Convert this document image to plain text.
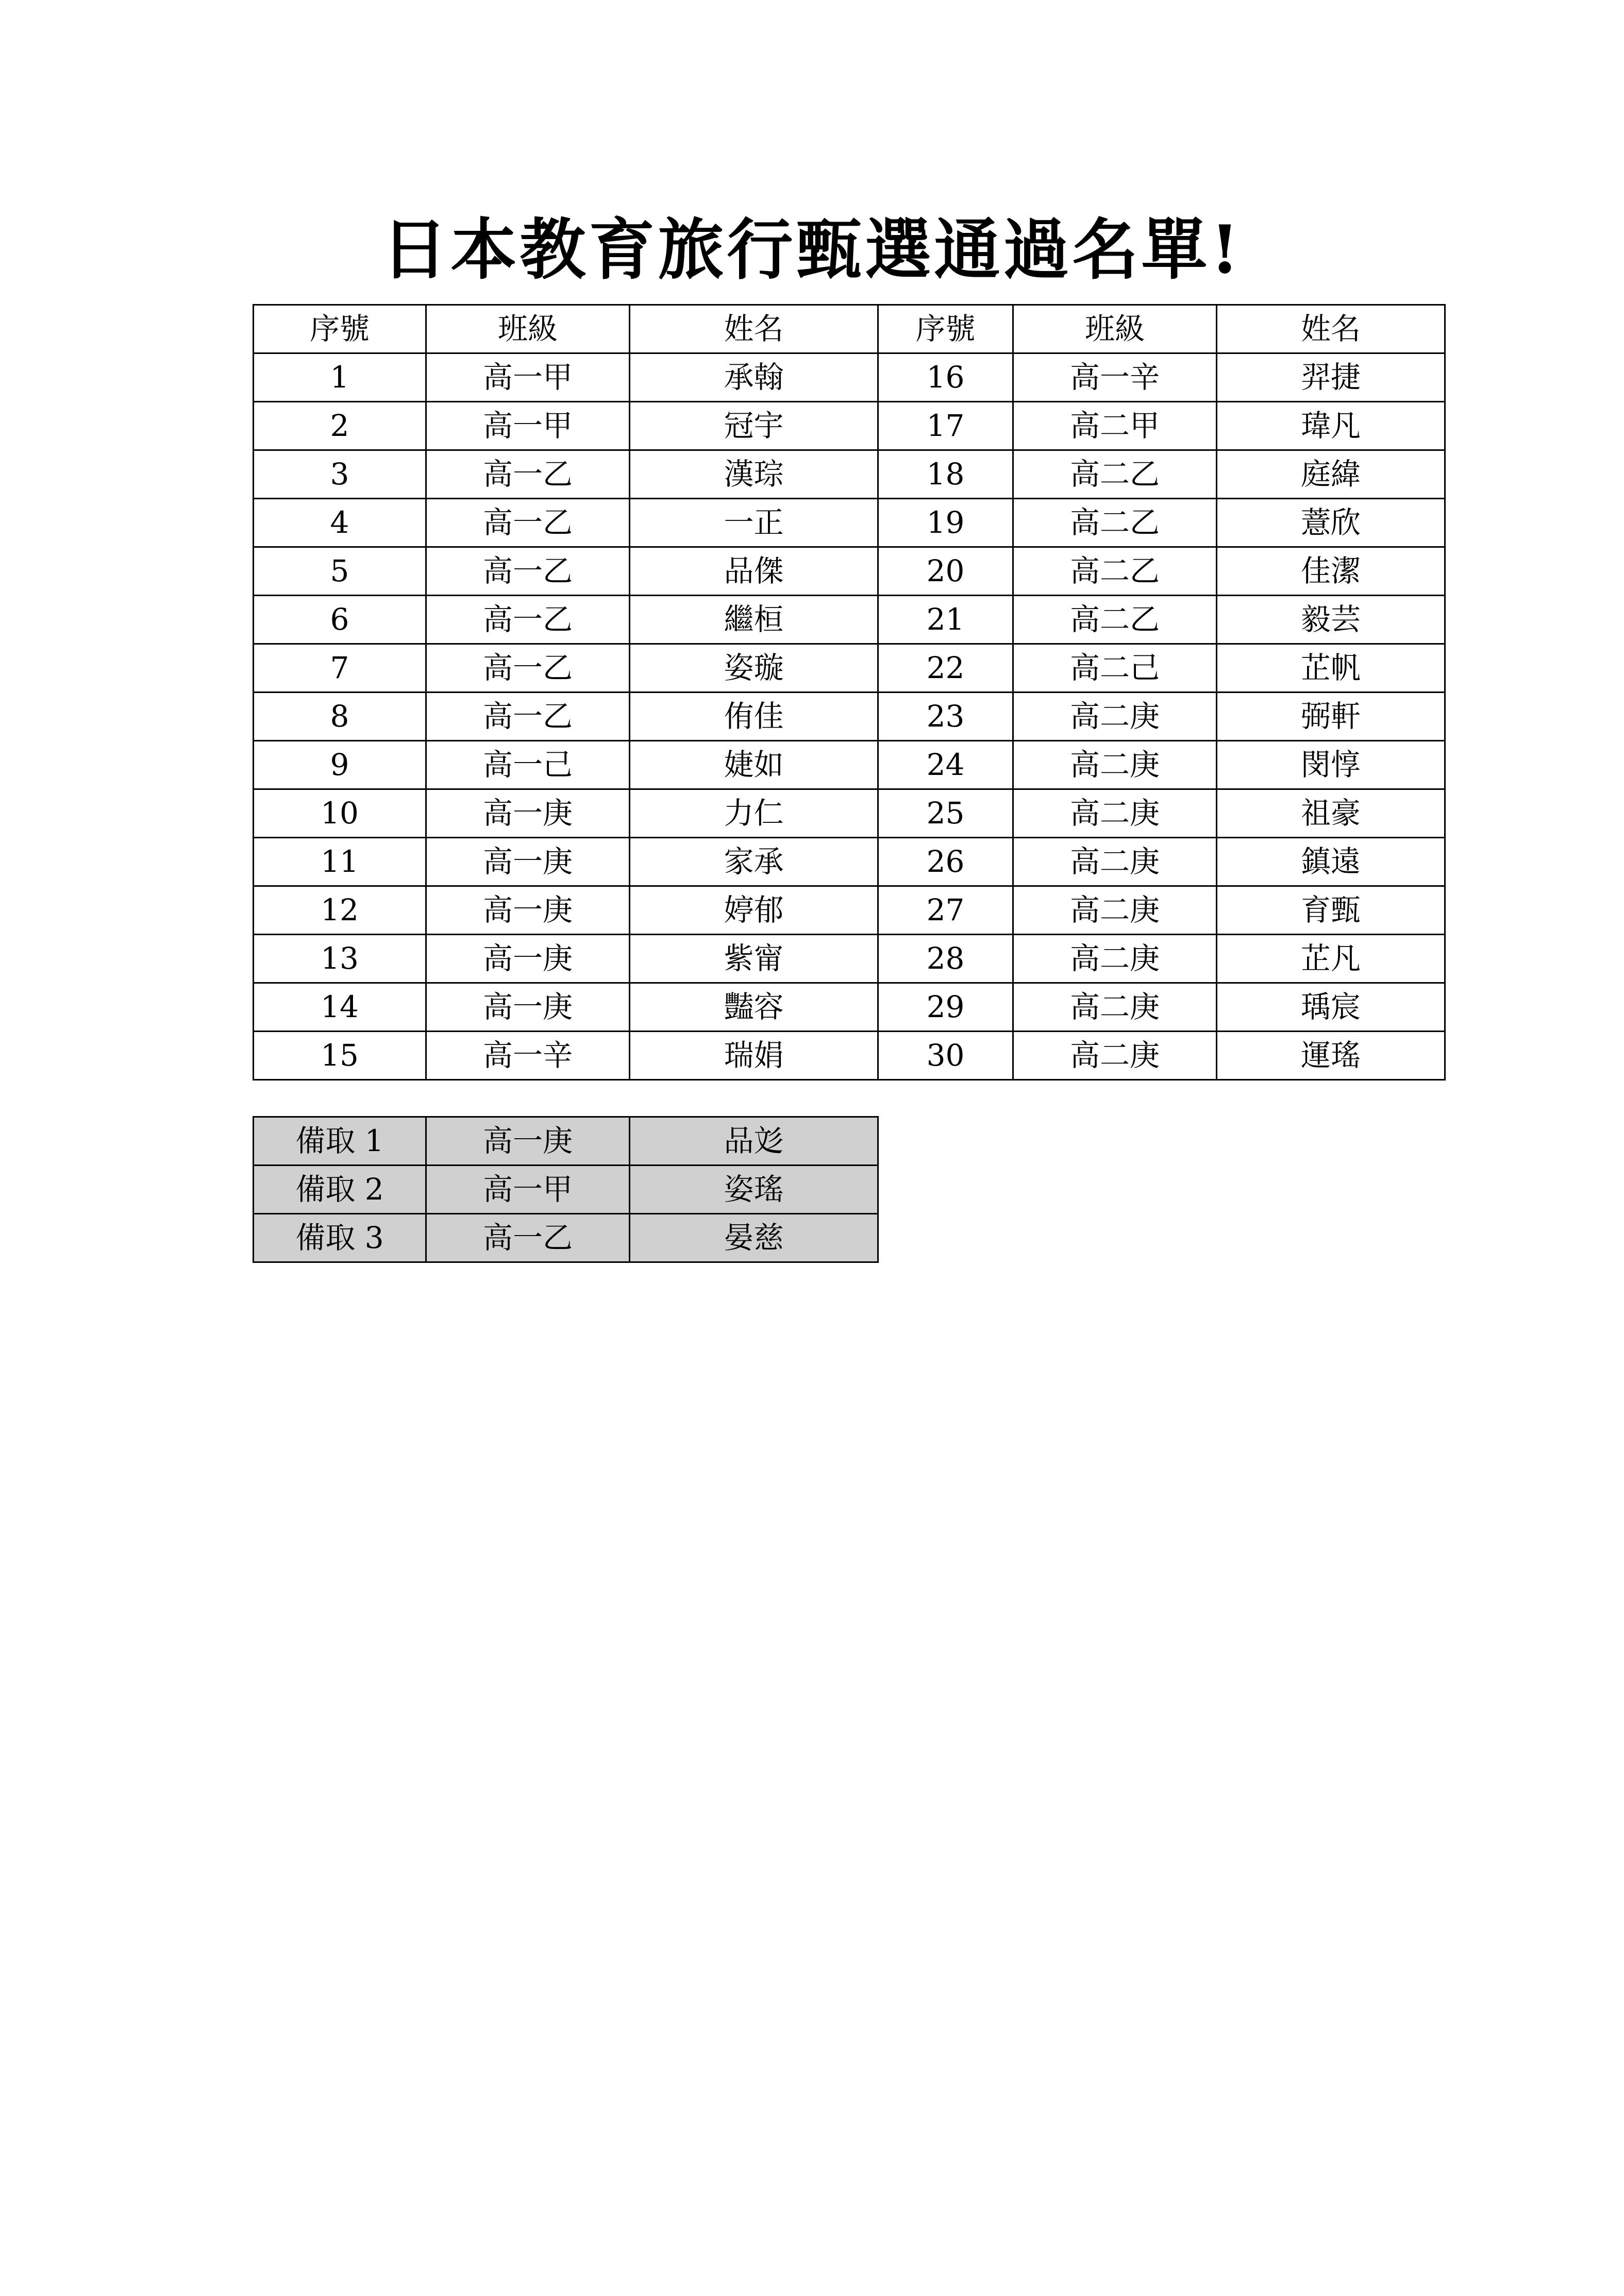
日本教育旅行甄選通過名單!
序號	班級	姓名	序號	班級	姓名
1	高一甲	承翰	16	高一辛	羿捷
2	高一甲	冠宇	17	高二甲	瑋凡
3	高一乙	漢琮	18	高二乙	庭緯
4	高一乙	一正	19	高二乙	薏欣
5	高一乙	品傑	20	高二乙	佳潔
6	高一乙	繼桓	21	高二乙	毅芸
7	高一乙	姿璇	22	高二己	芷帆
8	高一乙	侑佳	23	高二庚	弼軒
9	高一己	婕如	24	高二庚	閔惇
10	高一庚	力仁	25	高二庚	祖豪
11	高一庚	家承	26	高二庚	鎮遠
12	高一庚	婷郁	27	高二庚	育甄
13	高一庚	紫甯	28	高二庚	芷凡
14	高一庚	豔容	29	高二庚	瑀宸
15	高一辛	瑞娟	30	高二庚	運瑤
備取 1	高一庚	品彣
備取 2	高一甲	姿瑤
備取 3	高一乙	晏慈
